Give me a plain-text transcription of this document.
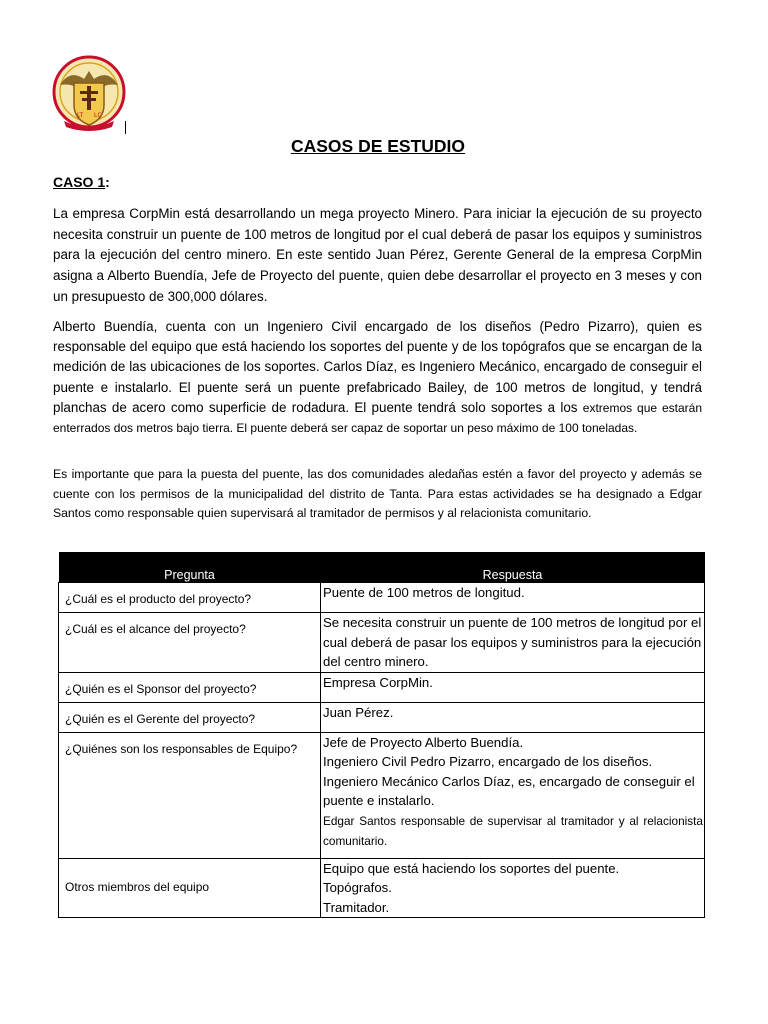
LT LC
CASOS DE ESTUDIO
CASO 1:

La empresa CorpMin está desarrollando un mega proyecto Minero. Para iniciar la ejecución de su proyecto necesita construir un puente de 100 metros de longitud por el cual deberá de pasar los equipos y suministros para la ejecución del centro minero. En este sentido Juan Pérez, Gerente General de la empresa CorpMin asigna a Alberto Buendía, Jefe de Proyecto del puente, quien debe desarrollar el proyecto en 3 meses y con un presupuesto de 300,000 dólares.

Alberto Buendía, cuenta con un Ingeniero Civil encargado de los diseños (Pedro Pizarro), quien es responsable del equipo que está haciendo los soportes del puente y de los topógrafos que se encargan de la medición de las ubicaciones de los soportes. Carlos Díaz, es Ingeniero Mecánico, encargado de conseguir el puente e instalarlo. El puente será un puente prefabricado Bailey, de 100 metros de longitud, y tendrá planchas de acero como superficie de rodadura. El puente tendrá solo soportes a los extremos que estarán enterrados dos metros bajo tierra. El puente deberá ser capaz de soportar un peso máximo de 100 toneladas.

Es importante que para la puesta del puente, las dos comunidades aledañas estén a favor del proyecto y además se cuente con los permisos de la municipalidad del distrito de Tanta. Para estas actividades se ha designado a Edgar Santos como responsable quien supervisará al tramitador de permisos y al relacionista comunitario.

Pregunta	Respuesta
¿Cuál es el producto del proyecto?	Puente de 100 metros de longitud.

¿Cuál es el alcance del proyecto?	Se necesita construir un puente de 100 metros de longitud por el cual deberá de pasar los equipos y suministros para la ejecución del centro minero.

¿Quién es el Sponsor del proyecto?	Empresa CorpMin.

¿Quién es el Gerente del proyecto?	Juan Pérez.

¿Quiénes son los responsables de Equipo?	Jefe de Proyecto Alberto Buendía.
Ingeniero Civil Pedro Pizarro, encargado de los diseños.
Ingeniero Mecánico Carlos Díaz, es, encargado de conseguir el puente e instalarlo.
Edgar Santos responsable de supervisar al tramitador y al relacionista comunitario.

Otros miembros del equipo	Equipo que está haciendo los soportes del puente.
Topógrafos.
Tramitador.
